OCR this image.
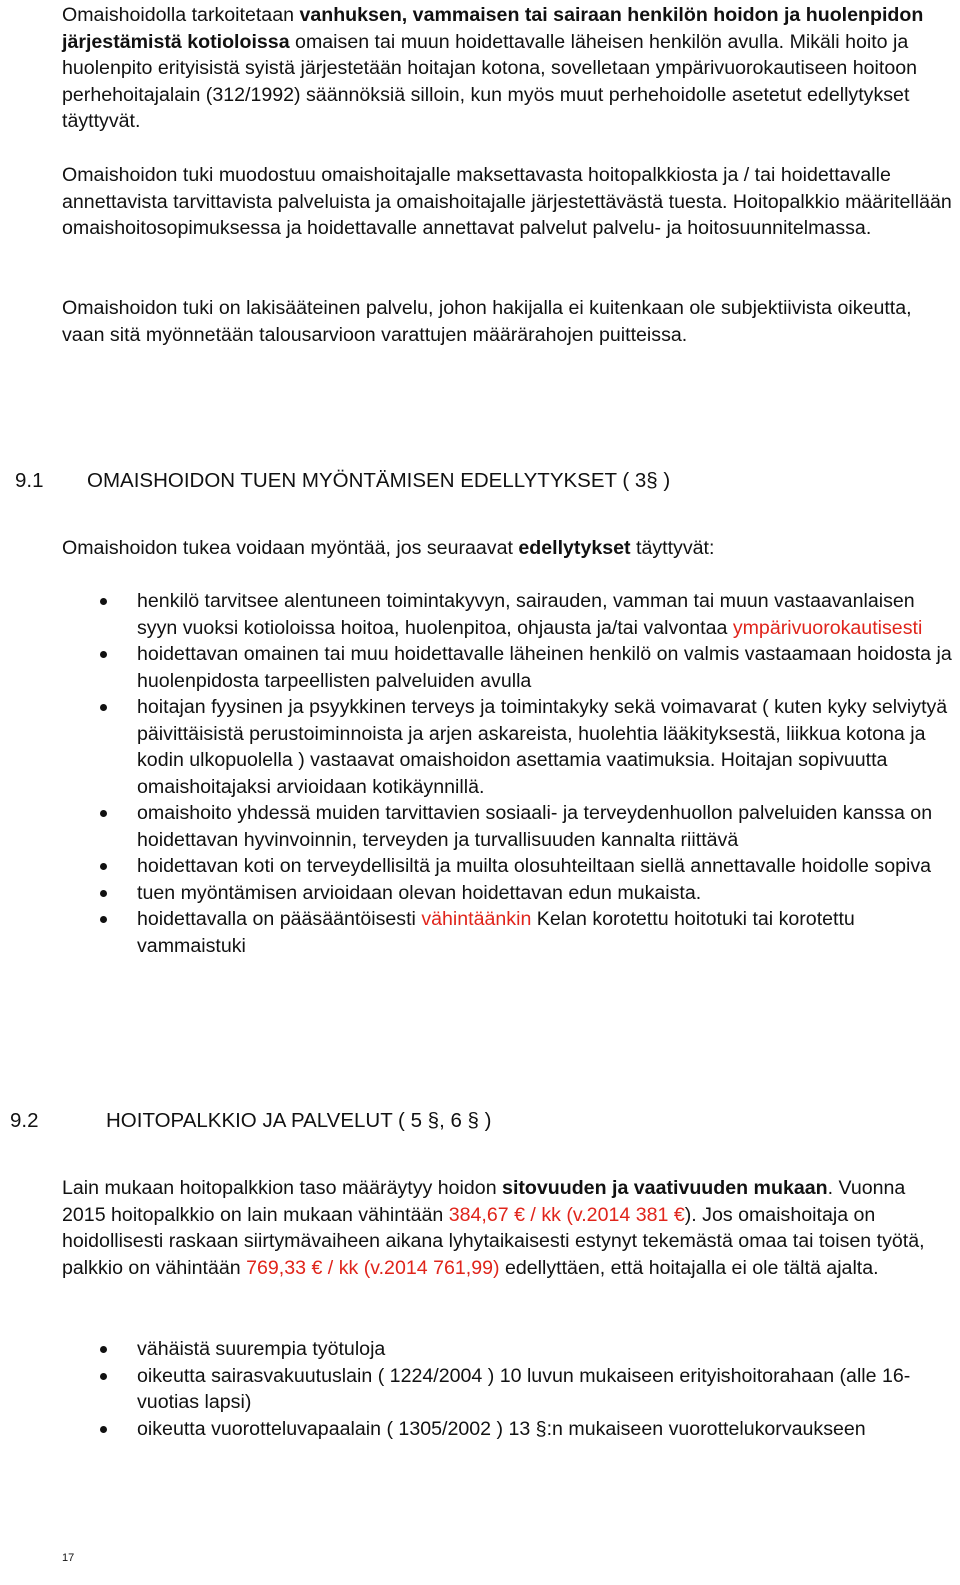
Omaishoidolla tarkoitetaan vanhuksen, vammaisen tai sairaan henkilön hoidon ja huolenpidon järjestämistä kotioloissa omaisen tai muun hoidettavalle läheisen henkilön avulla. Mikäli hoito ja huolenpito erityisistä syistä järjestetään hoitajan kotona, sovelletaan ympärivuorokautiseen hoitoon perhehoitajalain (312/1992) säännöksiä silloin, kun myös muut perhehoidolle asetetut edellytykset täyttyvät.

Omaishoidon tuki muodostuu omaishoitajalle maksettavasta hoitopalkkiosta ja / tai hoidettavalle annettavista tarvittavista palveluista ja omaishoitajalle järjestettävästä tuesta. Hoitopalkkio määritellään omaishoitosopimuksessa ja hoidettavalle annettavat palvelut palvelu- ja hoitosuunnitelmassa.

Omaishoidon tuki on lakisääteinen palvelu, johon hakijalla ei kuitenkaan ole subjektiivista oikeutta, vaan sitä myönnetään talousarvioon varattujen määrärahojen puitteissa.

9.1 OMAISHOIDON TUEN MYÖNTÄMISEN EDELLYTYKSET ( 3§ )

Omaishoidon tukea voidaan myöntää, jos seuraavat edellytykset täyttyvät:

henkilö tarvitsee alentuneen toimintakyvyn, sairauden, vamman tai muun vastaavanlaisen syyn vuoksi kotioloissa hoitoa, huolenpitoa, ohjausta ja/tai valvontaa ympärivuorokautisesti
hoidettavan omainen tai muu hoidettavalle läheinen henkilö on valmis vastaamaan hoidosta ja huolenpidosta tarpeellisten palveluiden avulla
hoitajan fyysinen ja psyykkinen terveys ja toimintakyky sekä voimavarat ( kuten kyky selviytyä päivittäisistä perustoiminnoista ja arjen askareista, huolehtia lääkityksestä, liikkua kotona ja kodin ulkopuolella ) vastaavat omaishoidon asettamia vaatimuksia. Hoitajan sopivuutta omaishoitajaksi arvioidaan kotikäynnillä.
omaishoito yhdessä muiden tarvittavien sosiaali- ja terveydenhuollon palveluiden kanssa on hoidettavan hyvinvoinnin, terveyden ja turvallisuuden kannalta riittävä
hoidettavan koti on terveydellisiltä ja muilta olosuhteiltaan siellä annettavalle hoidolle sopiva
tuen myöntämisen arvioidaan olevan hoidettavan edun mukaista.
hoidettavalla on pääsääntöisesti vähintäänkin Kelan korotettu hoitotuki tai korotettu vammaistuki
9.2	HOITOPALKKIO JA PALVELUT ( 5 §, 6 § )

Lain mukaan hoitopalkkion taso määräytyy hoidon sitovuuden ja vaativuuden mukaan. Vuonna 2015 hoitopalkkio on lain mukaan vähintään 384,67 € / kk (v.2014 381 €). Jos omaishoitaja on hoidollisesti raskaan siirtymävaiheen aikana lyhytaikaisesti estynyt tekemästä omaa tai toisen työtä, palkkio on vähintään 769,33 € / kk (v.2014 761,99) edellyttäen, että hoitajalla ei ole tältä ajalta.

vähäistä suurempia työtuloja
oikeutta sairasvakuutuslain ( 1224/2004 ) 10 luvun mukaiseen erityishoitorahaan (alle 16-vuotias lapsi)
oikeutta vuorotteluvapaalain ( 1305/2002 ) 13 §:n mukaiseen vuorottelukorvaukseen
17
